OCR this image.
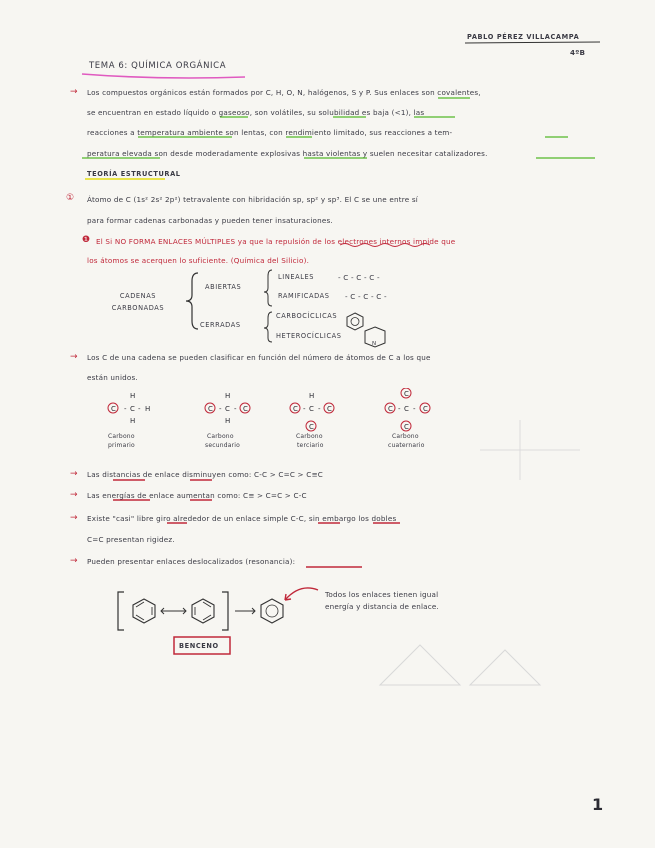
PABLO PÉREZ VILLACAMPA
4ºB
TEMA 6: QUÍMICA ORGÁNICA
→ Los compuestos orgánicos están formados por C, H, O, N, halógenos, S y P. Sus enlaces son covalentes,
se encuentran en estado líquido o gaseoso, son volátiles, su solubilidad es baja (<1), las
reacciones a temperatura ambiente son lentas, con rendimiento limitado, sus reacciones a tem-
peratura elevada son desde moderadamente explosivas hasta violentas y suelen necesitar catalizadores.
TEORÍA ESTRUCTURAL
① Átomo de C (1s² 2s² 2p²) tetravalente con hibridación sp, sp² y sp³. El C se une entre sí
para formar cadenas carbonadas y pueden tener insaturaciones.
❶ El Si NO FORMA ENLACES MÚLTIPLES ya que la repulsión de los electrones internos impide que
los átomos se acerquen lo suficiente. (Química del Silicio).
CADENAS CARBONADAS
ABIERTAS
CERRADAS
LINEALES
RAMIFICADAS
CARBOCÍCLICAS
HETEROCÍCLICAS
- C - C - C -
- C - C - C -
N
→ Los C de una cadena se pueden clasificar en función del número de átomos de C a los que
están unidos.
C - C - H
H
H
C - C - C
H
H
C - C - C
H
C
C - C - C
C
C
Carbono
primario
Carbono
secundario
Carbono
terciario
Carbono
cuaternario
→ Las distancias de enlace disminuyen como: C-C > C=C > C≡C
→ Las energías de enlace aumentan como: C≡ > C=C > C-C
→ Existe "casi" libre giro alrededor de un enlace simple C-C, sin embargo los dobles
C=C presentan rigidez.
→ Pueden presentar enlaces deslocalizados (resonancia):
Todos los enlaces tienen igual
energía y distancia de enlace.
BENCENO
1
